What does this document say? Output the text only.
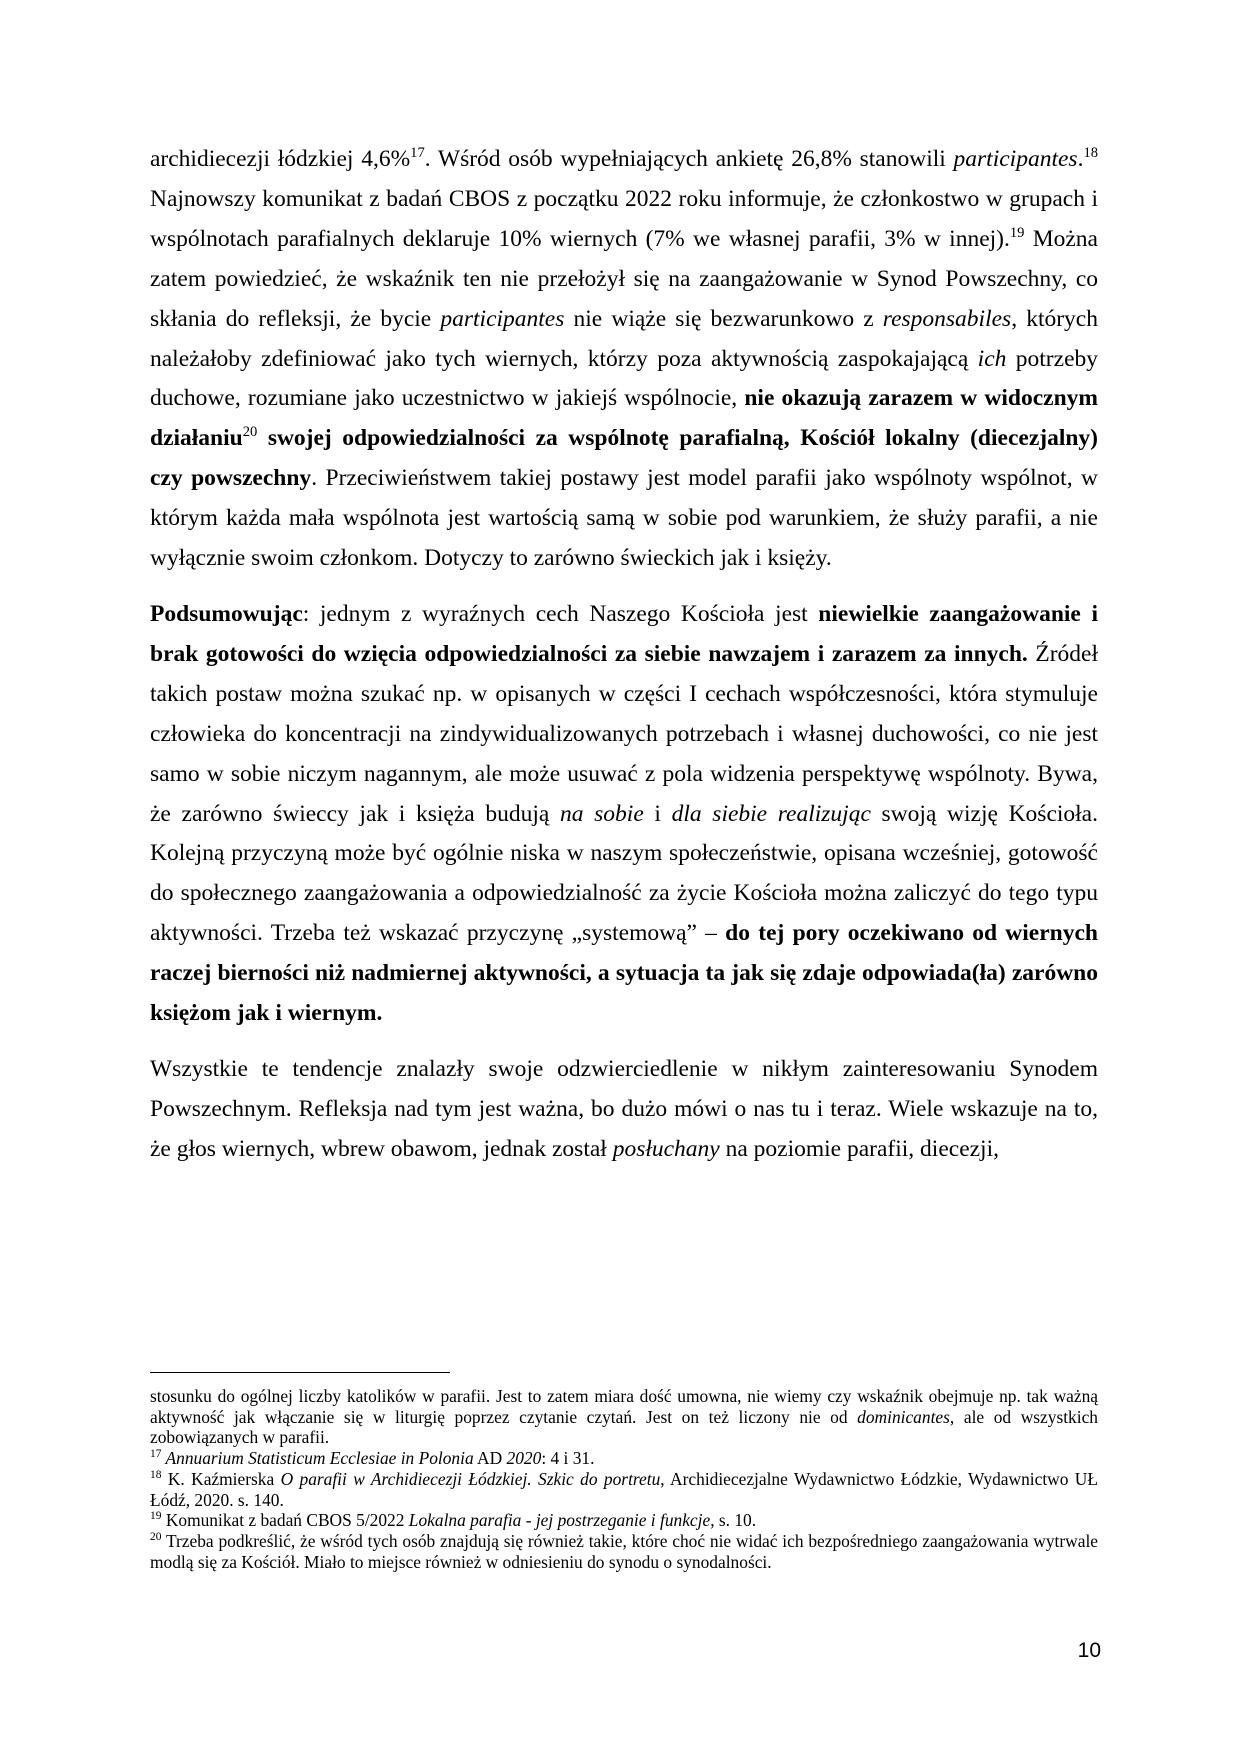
archidiecezji łódzkiej 4,6%$^{17}$. Wśród osób wypełniających ankietę 26,8% stanowili participantes.$^{18}$ Najnowszy komunikat z badań CBOS z początku 2022 roku informuje, że członkostwo w grupach i wspólnotach parafialnych deklaruje 10% wiernych (7% we własnej parafii, 3% w innej).$^{19}$ Można zatem powiedzieć, że wskaźnik ten nie przełożył się na zaangażowanie w Synod Powszechny, co skłania do refleksji, że bycie participantes nie wiąże się bezwarunkowo z responsabiles, których należałoby zdefiniować jako tych wiernych, którzy poza aktywnością zaspokajającą ich potrzeby duchowe, rozumiane jako uczestnictwo w jakiejś wspólnocie, nie okazują zarazem w widocznym działaniu$^{20}$ swojej odpowiedzialności za wspólnotę parafialną, Kościół lokalny (diecezjalny) czy powszechny. Przeciwieństwem takiej postawy jest model parafii jako wspólnoty wspólnot, w którym każda mała wspólnota jest wartością samą w sobie pod warunkiem, że służy parafii, a nie wyłącznie swoim członkom. Dotyczy to zarówno świeckich jak i księży.

Podsumowując: jednym z wyraźnych cech Naszego Kościoła jest niewielkie zaangażowanie i brak gotowości do wzięcia odpowiedzialności za siebie nawzajem i zarazem za innych. Źródeł takich postaw można szukać np. w opisanych w części I cechach współczesności, która stymuluje człowieka do koncentracji na zindywidualizowanych potrzebach i własnej duchowości, co nie jest samo w sobie niczym nagannym, ale może usuwać z pola widzenia perspektywę wspólnoty. Bywa, że zarówno świeccy jak i księża budują na sobie i dla siebie realizując swoją wizję Kościoła. Kolejną przyczyną może być ogólnie niska w naszym społeczeństwie, opisana wcześniej, gotowość do społecznego zaangażowania a odpowiedzialność za życie Kościoła można zaliczyć do tego typu aktywności. Trzeba też wskazać przyczynę „systemową” – do tej pory oczekiwano od wiernych raczej bierności niż nadmiernej aktywności, a sytuacja ta jak się zdaje odpowiada(ła) zarówno księżom jak i wiernym.

Wszystkie te tendencje znalazły swoje odzwierciedlenie w nikłym zainteresowaniu Synodem Powszechnym. Refleksja nad tym jest ważna, bo dużo mówi o nas tu i teraz. Wiele wskazuje na to, że głos wiernych, wbrew obawom, jednak został posłuchany na poziomie parafii, diecezji,

stosunku do ogólnej liczby katolików w parafii. Jest to zatem miara dość umowna, nie wiemy czy wskaźnik obejmuje np. tak ważną aktywność jak włączanie się w liturgię poprzez czytanie czytań. Jest on też liczony nie od dominicantes, ale od wszystkich zobowiązanych w parafii.

$^{17}$ Annuarium Statisticum Ecclesiae in Polonia AD 2020: 4 i 31.

$^{18}$ K. Kaźmierska O parafii w Archidiecezji Łódzkiej. Szkic do portretu, Archidiecezjalne Wydawnictwo Łódzkie, Wydawnictwo UŁ Łódź, 2020. s. 140.

$^{19}$ Komunikat z badań CBOS 5/2022 Lokalna parafia - jej postrzeganie i funkcje, s. 10.

$^{20}$ Trzeba podkreślić, że wśród tych osób znajdują się również takie, które choć nie widać ich bezpośredniego zaangażowania wytrwale modlą się za Kościół. Miało to miejsce również w odniesieniu do synodu o synodalności.

10
